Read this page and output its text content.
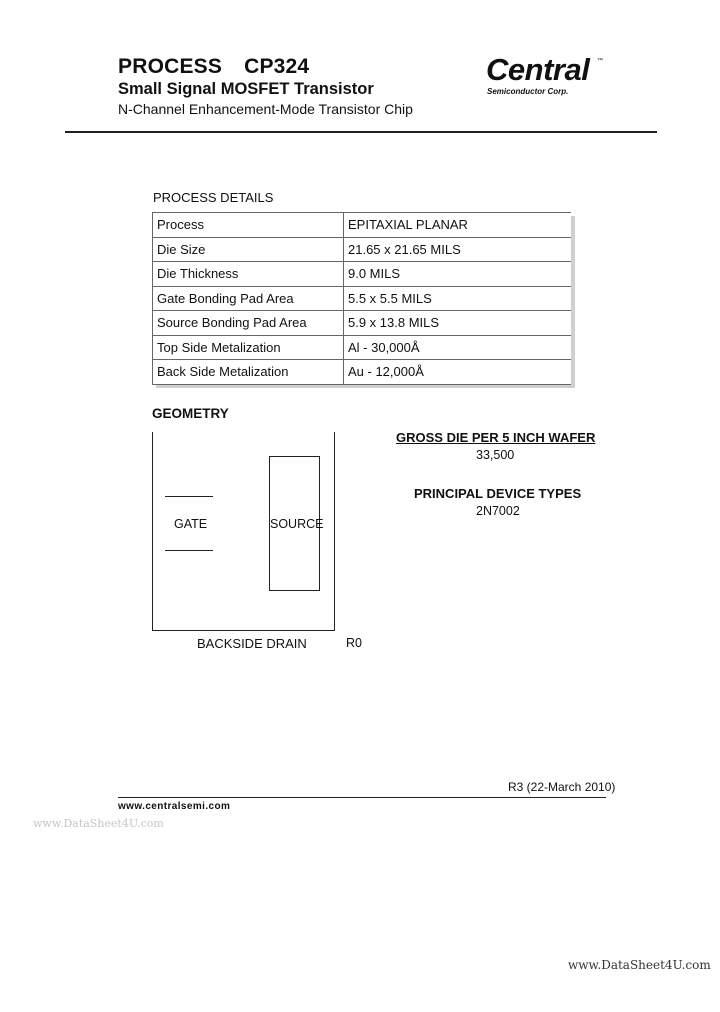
PROCESS CP324
Small Signal MOSFET Transistor
N-Channel Enhancement-Mode Transistor Chip
Central ™
Semiconductor Corp.
PROCESS DETAILS
Process	EPITAXIAL PLANAR
Die Size	21.65 x 21.65 MILS
Die Thickness	9.0 MILS
Gate Bonding Pad Area	5.5 x 5.5 MILS
Source Bonding Pad Area	5.9 x 13.8 MILS
Top Side Metalization	Al - 30,000Å
Back Side Metalization	Au - 12,000Å
GEOMETRY
GATE	SOURCE
BACKSIDE DRAIN	R0
GROSS DIE PER 5 INCH WAFER
33,500
PRINCIPAL DEVICE TYPES
2N7002
R3 (22-March 2010)
www.centralsemi.com
www.DataSheet4U.com
www.DataSheet4U.com
